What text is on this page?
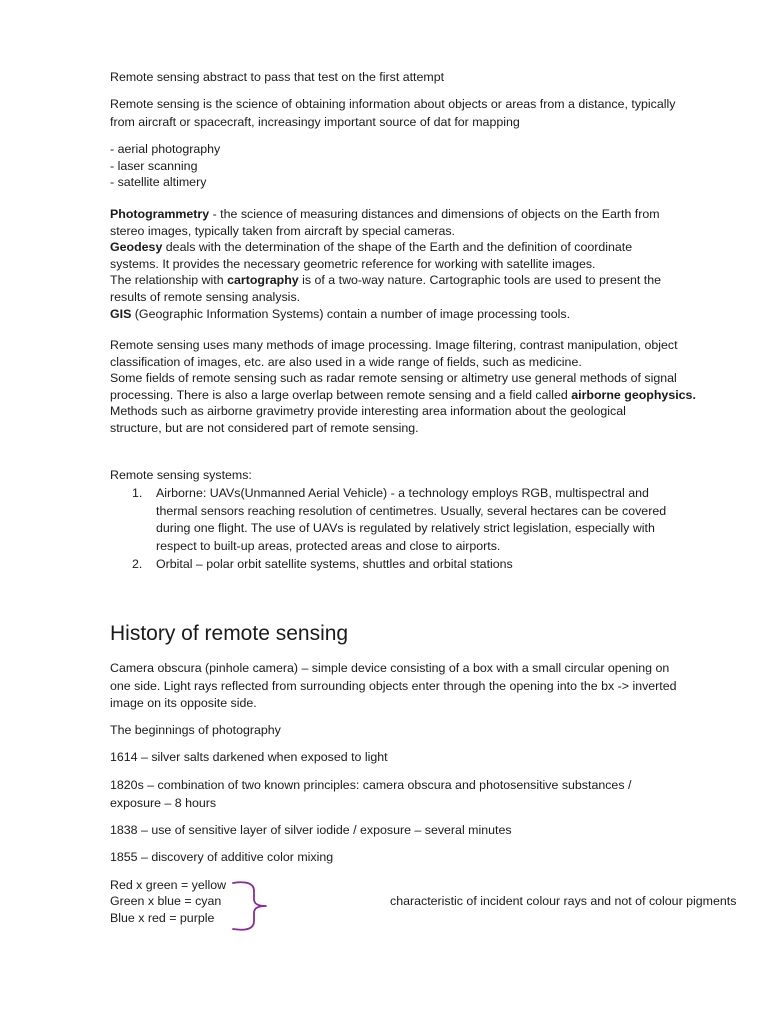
Remote sensing abstract to pass that test on the first attempt
Remote sensing is the science of obtaining information about objects or areas from a distance, typically
from aircraft or spacecraft, increasingy important source of dat for mapping
- aerial photography
- laser scanning
- satellite altimery
Photogrammetry - the science of measuring distances and dimensions of objects on the Earth from
stereo images, typically taken from aircraft by special cameras.
Geodesy deals with the determination of the shape of the Earth and the definition of coordinate
systems. It provides the necessary geometric reference for working with satellite images.
The relationship with cartography is of a two-way nature. Cartographic tools are used to present the
results of remote sensing analysis.
GIS (Geographic Information Systems) contain a number of image processing tools.
Remote sensing uses many methods of image processing. Image filtering, contrast manipulation, object
classification of images, etc. are also used in a wide range of fields, such as medicine.
Some fields of remote sensing such as radar remote sensing or altimetry use general methods of signal
processing. There is also a large overlap between remote sensing and a field called airborne geophysics.
Methods such as airborne gravimetry provide interesting area information about the geological
structure, but are not considered part of remote sensing.
Remote sensing systems:
1. Airborne: UAVs(Unmanned Aerial Vehicle) - a technology employs RGB, multispectral and
thermal sensors reaching resolution of centimetres. Usually, several hectares can be covered
during one flight. The use of UAVs is regulated by relatively strict legislation, especially with
respect to built-up areas, protected areas and close to airports.
2. Orbital – polar orbit satellite systems, shuttles and orbital stations
History of remote sensing
Camera obscura (pinhole camera) – simple device consisting of a box with a small circular opening on
one side. Light rays reflected from surrounding objects enter through the opening into the bx -> inverted
image on its opposite side.
The beginnings of photography
1614 – silver salts darkened when exposed to light
1820s – combination of two known principles: camera obscura and photosensitive substances /
exposure – 8 hours
1838 – use of sensitive layer of silver iodide / exposure – several minutes
1855 – discovery of additive color mixing
Red x green = yellow
Green x blue = cyan
Blue x red = purple
characteristic of incident colour rays and not of colour pigments
